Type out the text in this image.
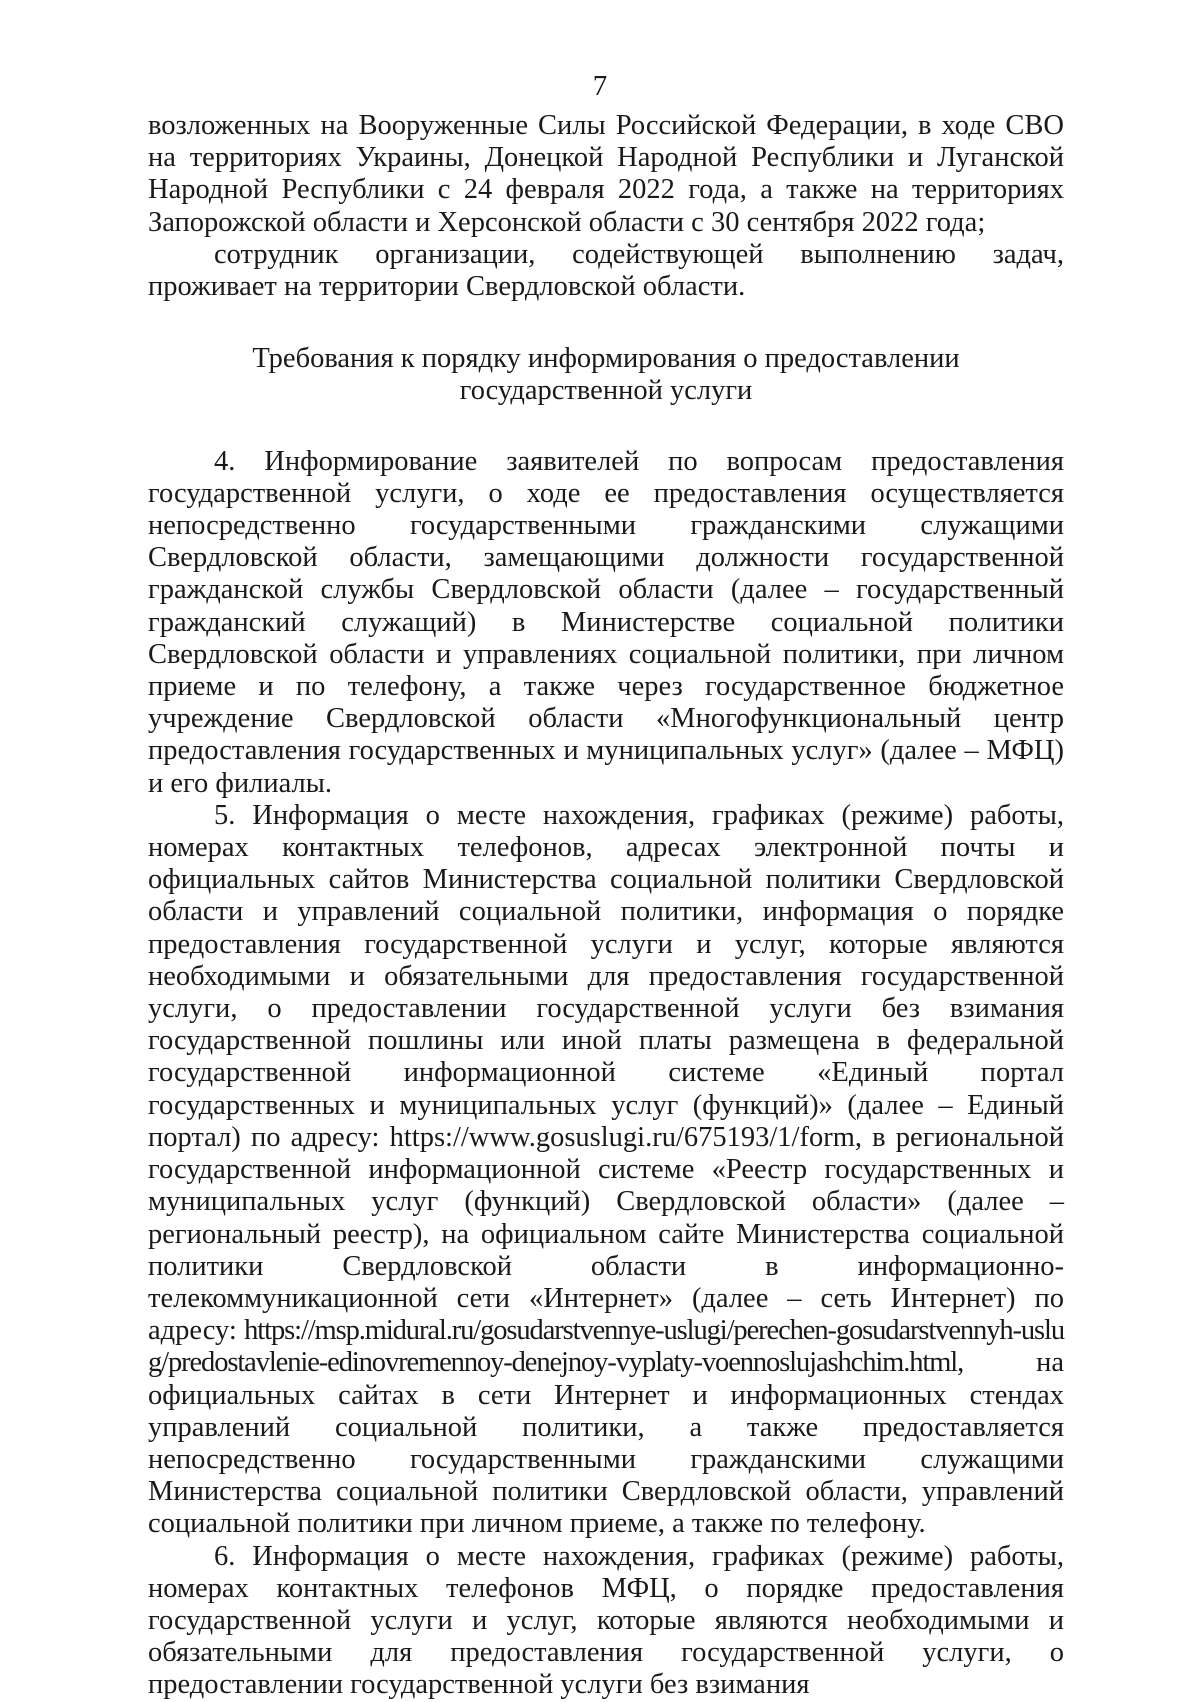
7

возложенных на Вооруженные Силы Российской Федерации, в ходе СВО на территориях Украины, Донецкой Народной Республики и Луганской Народной Республики с 24 февраля 2022 года, а также на территориях Запорожской области и Херсонской области с 30 сентября 2022 года;

сотрудник организации, содействующей выполнению задач, проживает на территории Свердловской области.

Требования к порядку информирования о предоставлении
государственной услуги

4. Информирование заявителей по вопросам предоставления государственной услуги, о ходе ее предоставления осуществляется непосредственно государственными гражданскими служащими Свердловской области, замещающими должности государственной гражданской службы Свердловской области (далее – государственный гражданский служащий) в Министерстве социальной политики Свердловской области и управлениях социальной политики, при личном приеме и по телефону, а также через государственное бюджетное учреждение Свердловской области «Многофункциональный центр предоставления государственных и муниципальных услуг» (далее – МФЦ) и его филиалы.

5. Информация о месте нахождения, графиках (режиме) работы, номерах контактных телефонов, адресах электронной почты и официальных сайтов Министерства социальной политики Свердловской области и управлений социальной политики, информация о порядке предоставления государственной услуги и услуг, которые являются необходимыми и обязательными для предоставления государственной услуги, о предоставлении государственной услуги без взимания государственной пошлины или иной платы размещена в федеральной государственной информационной системе «Единый портал государственных и муниципальных услуг (функций)» (далее – Единый портал) по адресу: https://www.gosuslugi.ru/675193/1/form, в региональной государственной информационной системе «Реестр государственных и муниципальных услуг (функций) Свердловской области» (далее – региональный реестр), на официальном сайте Министерства социальной политики Свердловской области в информационно-телекоммуникационной сети «Интернет» (далее – сеть Интернет) по адресу: https://msp.midural.ru/gosudarstvennye-uslugi/perechen-gosudarstvennyh-uslug/predostavlenie-edinovremennoy-denejnoy-vyplaty-voennoslujashchim.html,	на официальных сайтах в сети Интернет и информационных стендах управлений социальной политики, а также предоставляется непосредственно государственными гражданскими служащими Министерства социальной политики Свердловской области, управлений социальной политики при личном приеме, а также по телефону.

6. Информация о месте нахождения, графиках (режиме) работы, номерах контактных телефонов МФЦ, о порядке предоставления государственной услуги и услуг, которые являются необходимыми и обязательными для предоставления государственной услуги, о предоставлении государственной услуги без взимания
